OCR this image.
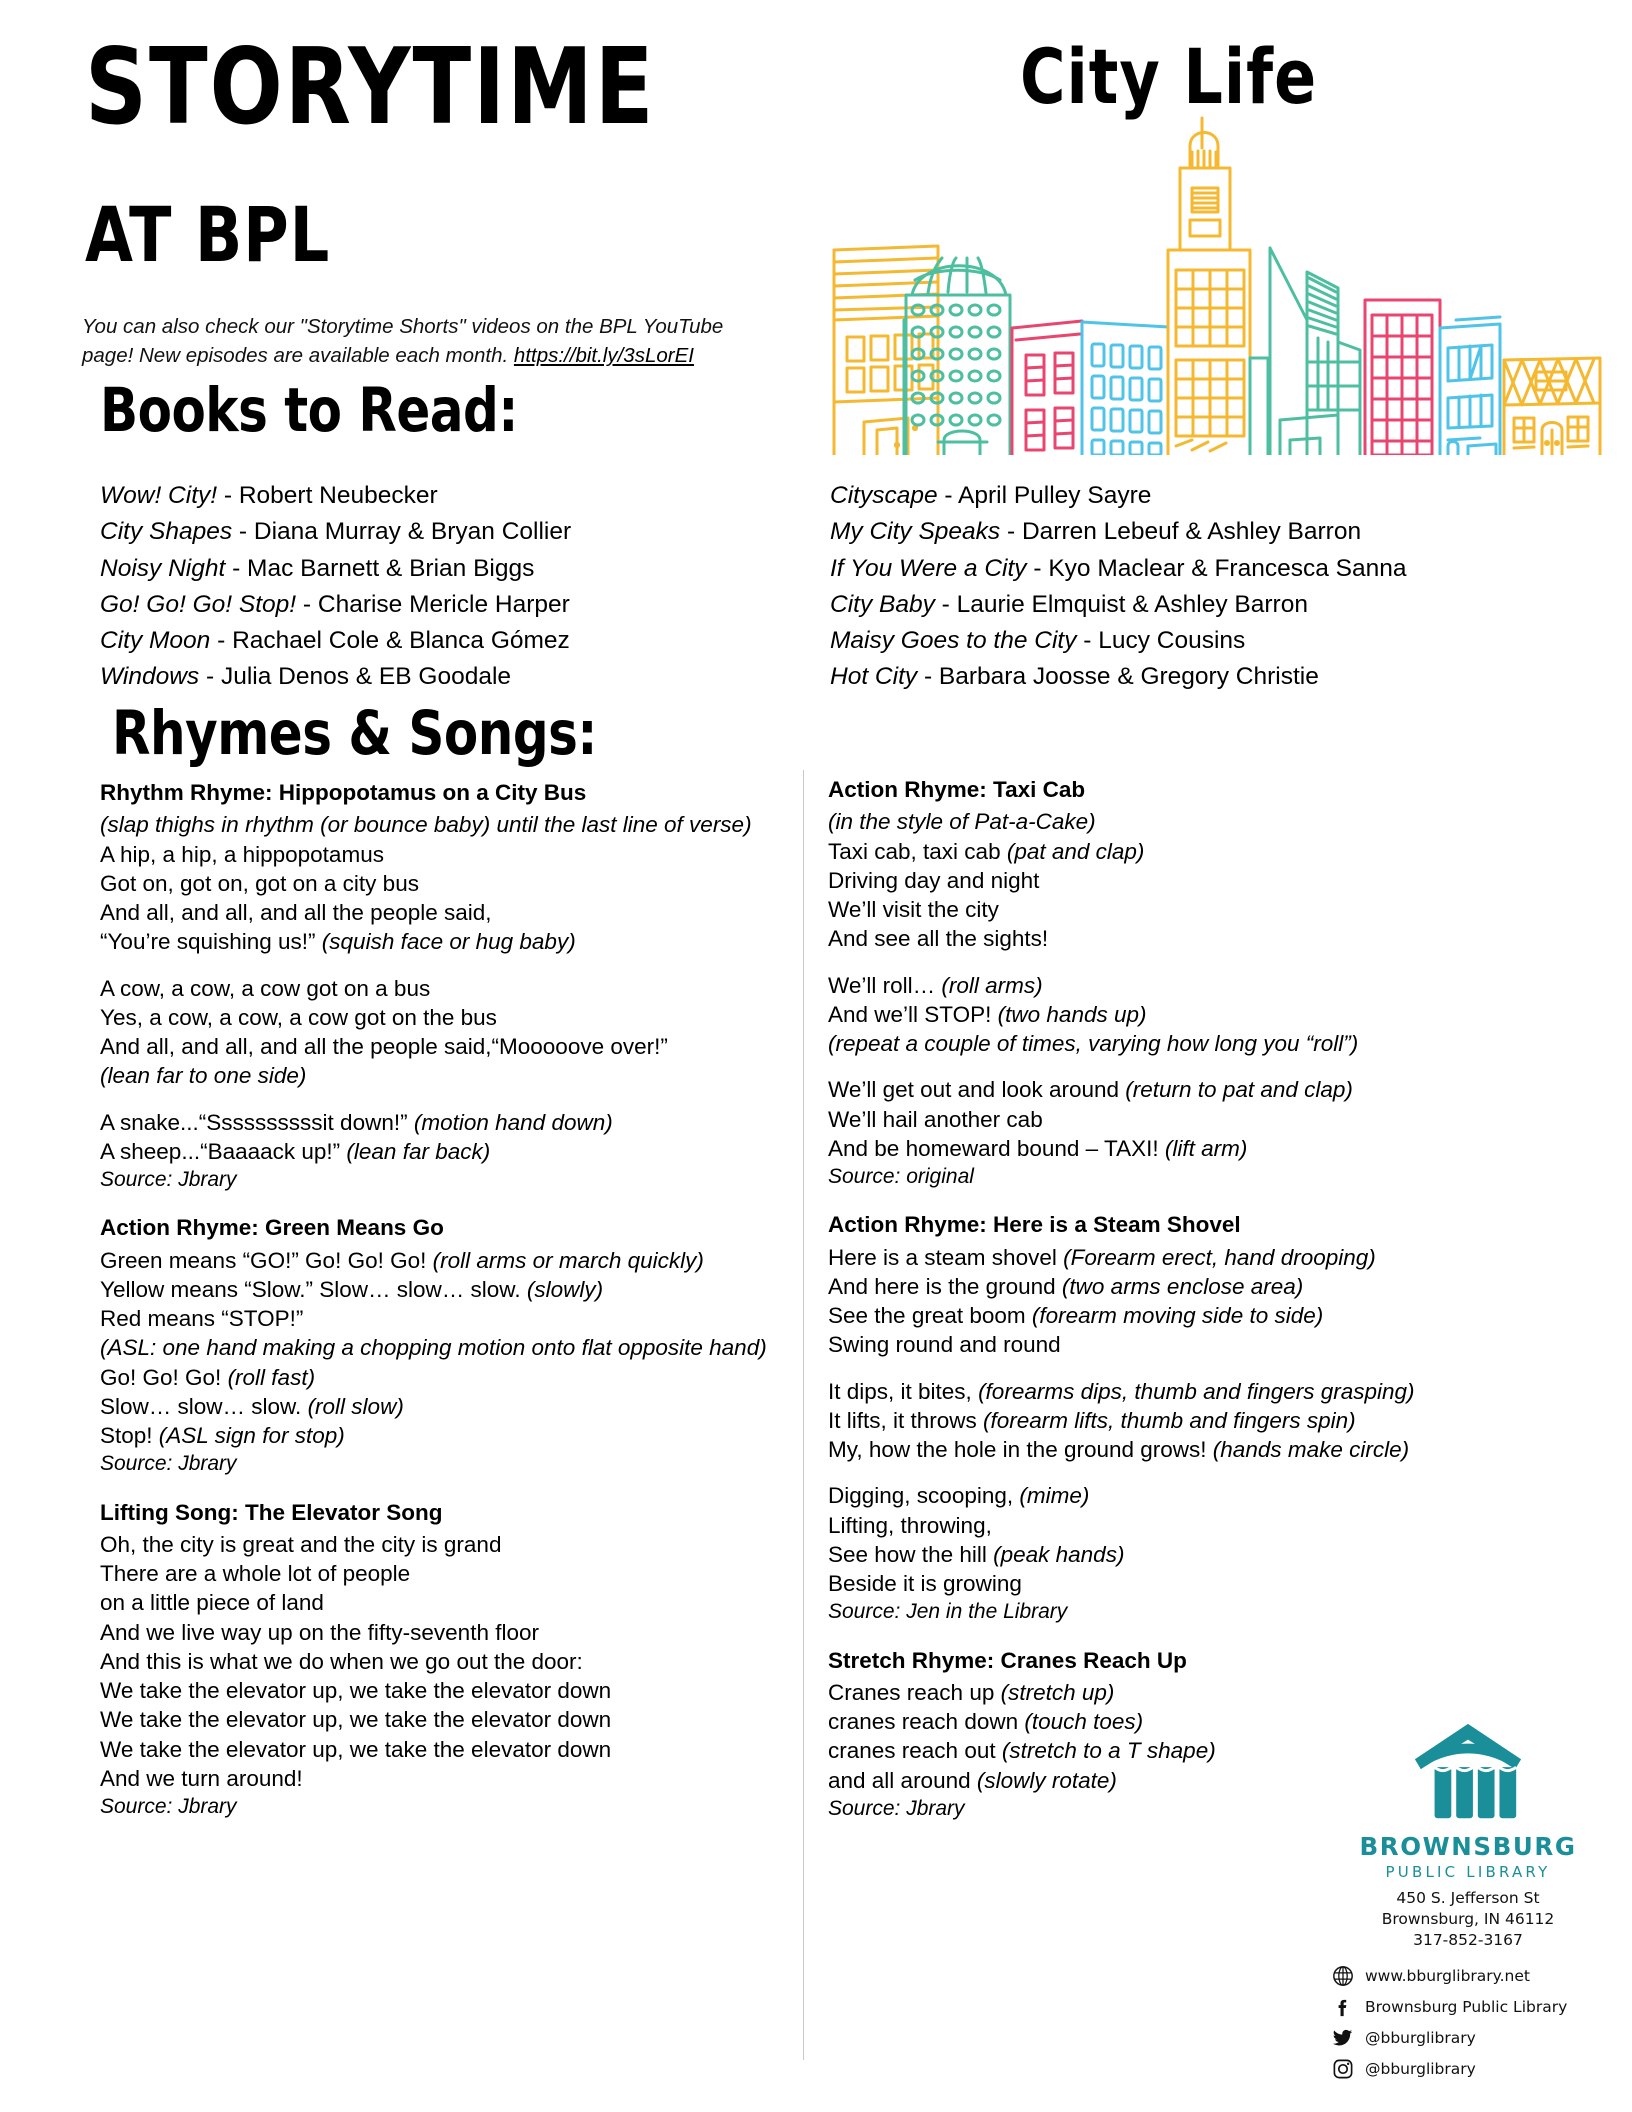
STORYTIME
AT BPL
You can also check our "Storytime Shorts" videos on the BPL YouTube page! New episodes are available each month. https://bit.ly/3sLorEI
City Life
Books to Read:
Wow! City! - Robert Neubecker
City Shapes - Diana Murray & Bryan Collier
Noisy Night - Mac Barnett & Brian Biggs
Go! Go! Go! Stop! - Charise Mericle Harper
City Moon - Rachael Cole & Blanca Gómez
Windows - Julia Denos & EB Goodale
Cityscape - April Pulley Sayre
My City Speaks - Darren Lebeuf & Ashley Barron
If You Were a City - Kyo Maclear & Francesca Sanna
City Baby - Laurie Elmquist & Ashley Barron
Maisy Goes to the City - Lucy Cousins
Hot City - Barbara Joosse & Gregory Christie
Rhymes & Songs:
Rhythm Rhyme: Hippopotamus on a City Bus

(slap thighs in rhythm (or bounce baby) until the last line of verse)

A hip, a hip, a hippopotamus

Got on, got on, got on a city bus

And all, and all, and all the people said,

“You’re squishing us!” (squish face or hug baby)

A cow, a cow, a cow got on a bus

Yes, a cow, a cow, a cow got on the bus

And all, and all, and all the people said,“Mooooove over!”

(lean far to one side)

A snake...“Ssssssssssit down!” (motion hand down)

A sheep...“Baaaack up!” (lean far back)

Source: Jbrary

Action Rhyme: Green Means Go

Green means “GO!” Go! Go! Go! (roll arms or march quickly)

Yellow means “Slow.” Slow… slow… slow. (slowly)

Red means “STOP!”

(ASL: one hand making a chopping motion onto flat opposite hand)

Go! Go! Go! (roll fast)

Slow… slow… slow. (roll slow)

Stop! (ASL sign for stop)

Source: Jbrary

Lifting Song: The Elevator Song

Oh, the city is great and the city is grand

There are a whole lot of people

on a little piece of land

And we live way up on the fifty-seventh floor

And this is what we do when we go out the door:

We take the elevator up, we take the elevator down

We take the elevator up, we take the elevator down

We take the elevator up, we take the elevator down

And we turn around!

Source: Jbrary

Action Rhyme: Taxi Cab

(in the style of Pat-a-Cake)

Taxi cab, taxi cab (pat and clap)

Driving day and night

We’ll visit the city

And see all the sights!

We’ll roll… (roll arms)

And we’ll STOP! (two hands up)

(repeat a couple of times, varying how long you “roll”)

We’ll get out and look around (return to pat and clap)

We’ll hail another cab

And be homeward bound – TAXI! (lift arm)

Source: original

Action Rhyme: Here is a Steam Shovel

Here is a steam shovel (Forearm erect, hand drooping)

And here is the ground (two arms enclose area)

See the great boom (forearm moving side to side)

Swing round and round

It dips, it bites, (forearms dips, thumb and fingers grasping)

It lifts, it throws (forearm lifts, thumb and fingers spin)

My, how the hole in the ground grows! (hands make circle)

Digging, scooping, (mime)

Lifting, throwing,

See how the hill (peak hands)

Beside it is growing

Source: Jen in the Library

Stretch Rhyme: Cranes Reach Up

Cranes reach up (stretch up)

cranes reach down (touch toes)

cranes reach out (stretch to a T shape)

and all around (slowly rotate)

Source: Jbrary

BROWNSBURG
PUBLIC LIBRARY
450 S. Jefferson St
Brownsburg, IN 46112
317-852-3167
www.bburglibrary.net
Brownsburg Public Library
@bburglibrary
@bburglibrary
